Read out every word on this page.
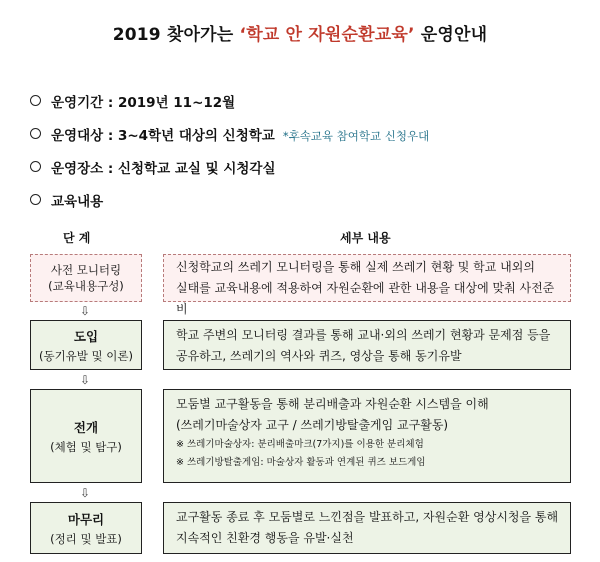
2019 찾아가는 ‘학교 안 자원순환교육’ 운영안내
운영기간 : 2019년 11~12월
운영대상 : 3~4학년 대상의 신청학교 *후속교육 참여학교 신청우대
운영장소 : 신청학교 교실 및 시청각실
교육내용
단 계	세부 내용
사전 모니터링
(교육내용구성)
신청학교의 쓰레기 모니터링을 통해 실제 쓰레기 현황 및 학교 내외의
실태를 교육내용에 적용하여 자원순환에 관한 내용을 대상에 맞춰 사전준비
⇩
도입
(동기유발 및 이론)
학교 주변의 모니터링 결과를 통해 교내·외의 쓰레기 현황과 문제점 등을
공유하고, 쓰레기의 역사와 퀴즈, 영상을 통해 동기유발
⇩
전개
(체험 및 탐구)
모둠별 교구활동을 통해 분리배출과 자원순환 시스템을 이해
(쓰레기마술상자 교구 / 쓰레기방탈출게임 교구활동)
※ 쓰레기마술상자: 분리배출마크(7가지)를 이용한 분리체험
※ 쓰레기방탈출게임: 마술상자 활동과 연계된 퀴즈 보드게임
⇩
마무리
(정리 및 발표)
교구활동 종료 후 모둠별로 느낀점을 발표하고, 자원순환 영상시청을 통해
지속적인 친환경 행동을 유발·실천
